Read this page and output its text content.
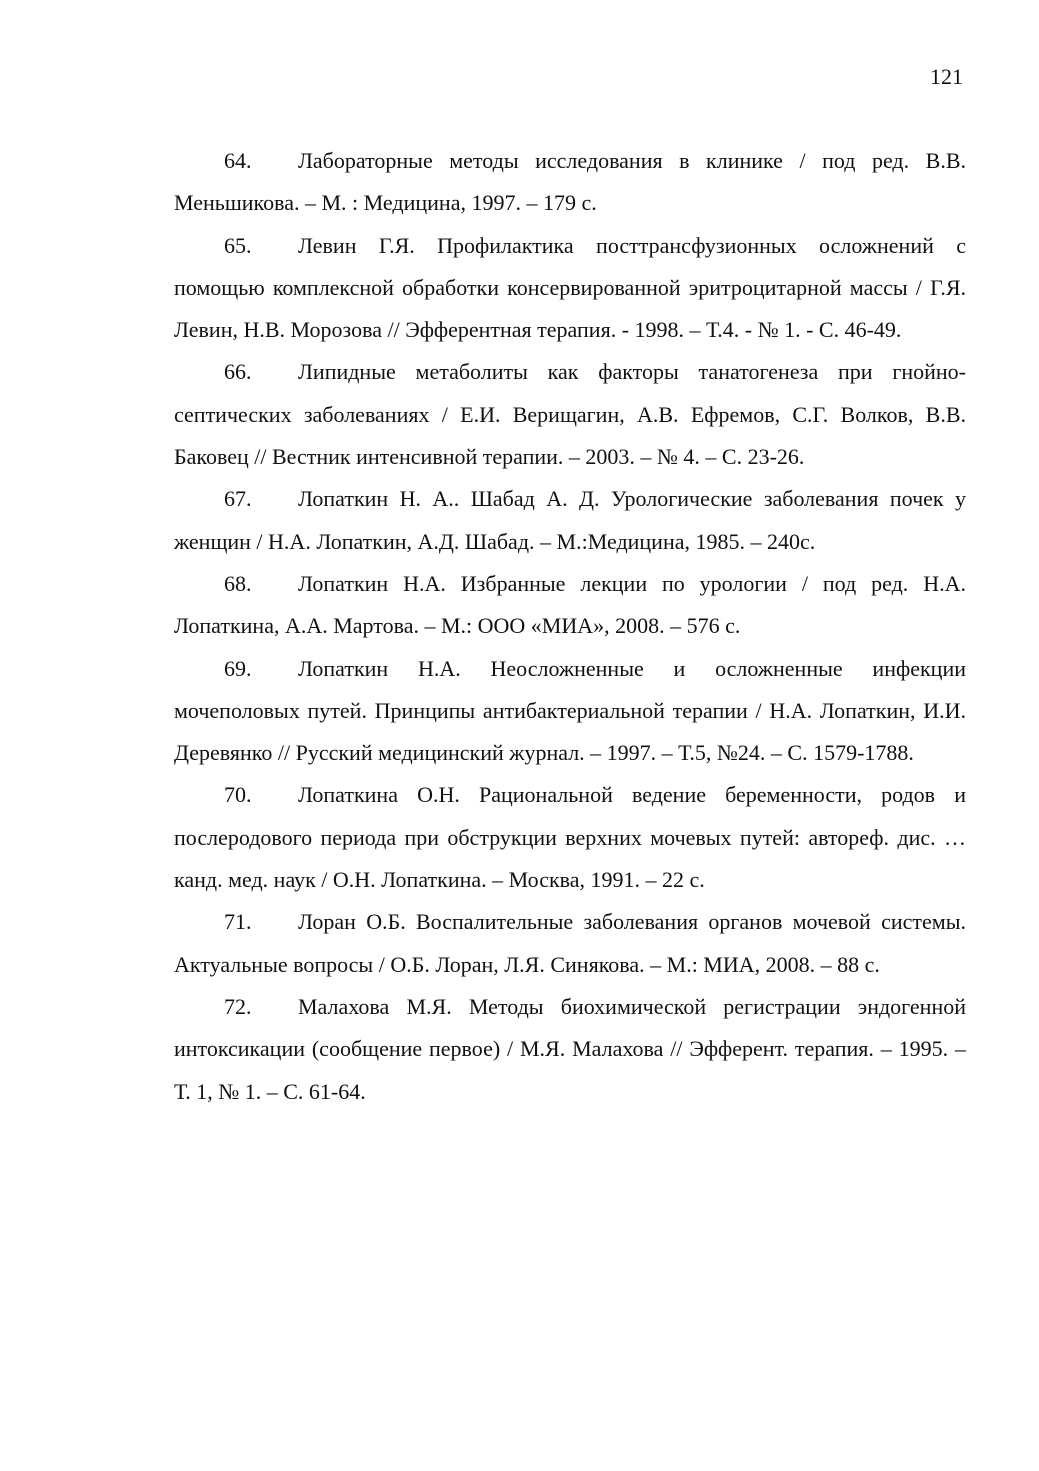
121

64. Лабораторные методы исследования в клинике / под ред. В.В. Меньшикова. – М. : Медицина, 1997. – 179 с.

65. Левин Г.Я. Профилактика посттрансфузионных осложнений с помощью комплексной обработки консервированной эритроцитарной массы / Г.Я. Левин, Н.В. Морозова // Эфферентная терапия. - 1998. – Т.4. - № 1. - С. 46-49.

66. Липидные метаболиты как факторы танатогенеза при гнойно-септических заболеваниях / Е.И. Верищагин, А.В. Ефремов, С.Г. Волков, В.В. Баковец // Вестник интенсивной терапии. – 2003. – № 4. – С. 23-26.

67. Лопаткин Н. А.. Шабад А. Д. Урологические заболевания почек у женщин / Н.А. Лопаткин, А.Д. Шабад. – М.:Медицина, 1985. – 240с.

68. Лопаткин Н.А. Избранные лекции по урологии / под ред. Н.А. Лопаткина, А.А. Мартова. – М.: ООО «МИА», 2008. – 576 с.

69. Лопаткин Н.А. Неосложненные и осложненные инфекции мочеполовых путей. Принципы антибактериальной терапии / Н.А. Лопаткин, И.И. Деревянко // Русский медицинский журнал. – 1997. – Т.5, №24. – С. 1579-1788.

70. Лопаткина О.Н. Рациональной ведение беременности, родов и послеродового периода при обструкции верхних мочевых путей: автореф. дис. … канд. мед. наук / О.Н. Лопаткина. – Москва, 1991. – 22 с.

71. Лоран О.Б. Воспалительные заболевания органов мочевой системы. Актуальные вопросы / О.Б. Лоран, Л.Я. Синякова. – М.: МИА, 2008. – 88 с.

72. Малахова М.Я. Методы биохимической регистрации эндогенной интоксикации (сообщение первое) / М.Я. Малахова // Эфферент. терапия. – 1995. – Т. 1, № 1. – С. 61-64.
